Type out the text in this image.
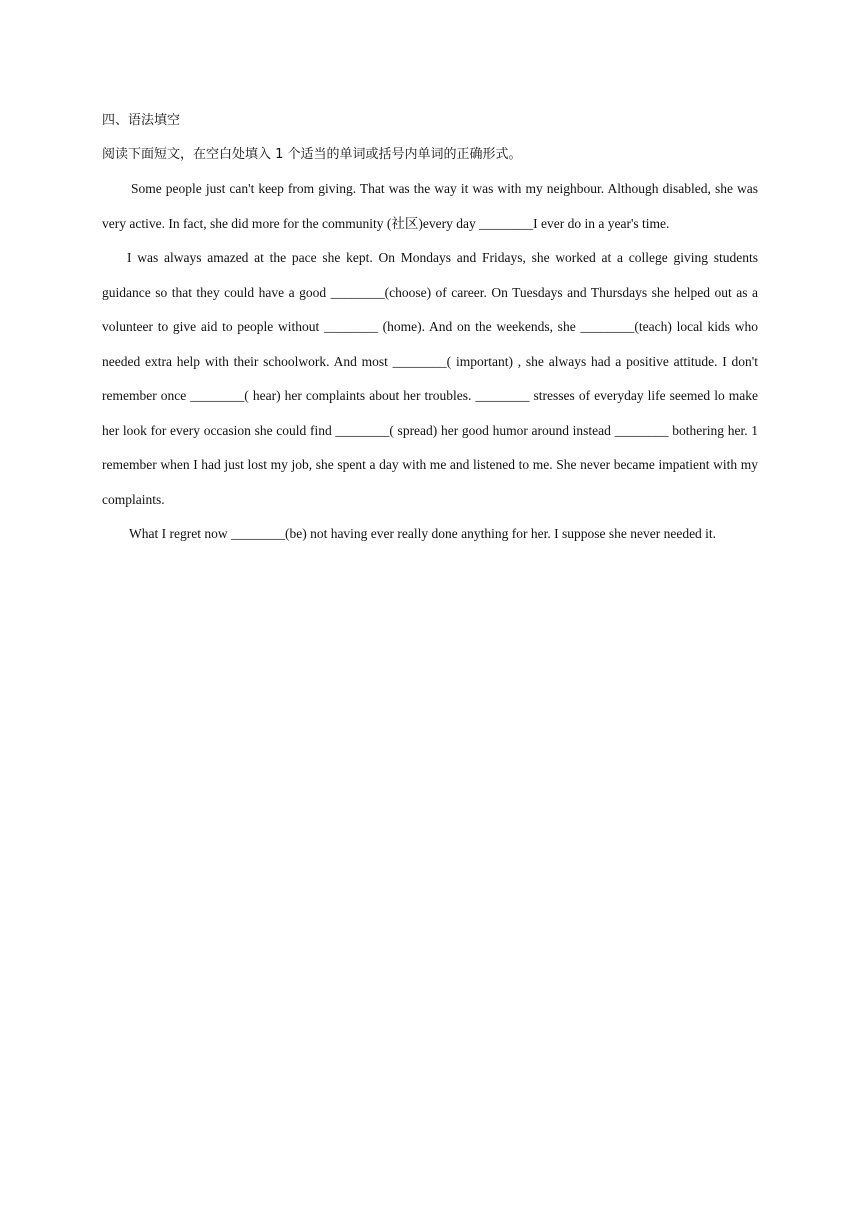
四、语法填空

阅读下面短文，在空白处填入 1 个适当的单词或括号内单词的正确形式。

Some people just can't keep from giving. That was the way it was with my neighbour. Although disabled, she was very active. In fact, she did more for the community (社区)every day ________I ever do in a year's time.

I was always amazed at the pace she kept. On Mondays and Fridays, she worked at a college giving students guidance so that they could have a good ________(choose) of career. On Tuesdays and Thursdays she helped out as a volunteer to give aid to people without ________ (home). And on the weekends, she ________(teach) local kids who needed extra help with their schoolwork. And most ________( important) , she always had a positive attitude. I don't remember once ________( hear) her complaints about her troubles. ________ stresses of everyday life seemed lo make her look for every occasion she could find ________( spread) her good humor around instead ________ bothering her. 1 remember when I had just lost my job, she spent a day with me and listened to me. She never became impatient with my complaints.

What I regret now ________(be) not having ever really done anything for her. I suppose she never needed it.
